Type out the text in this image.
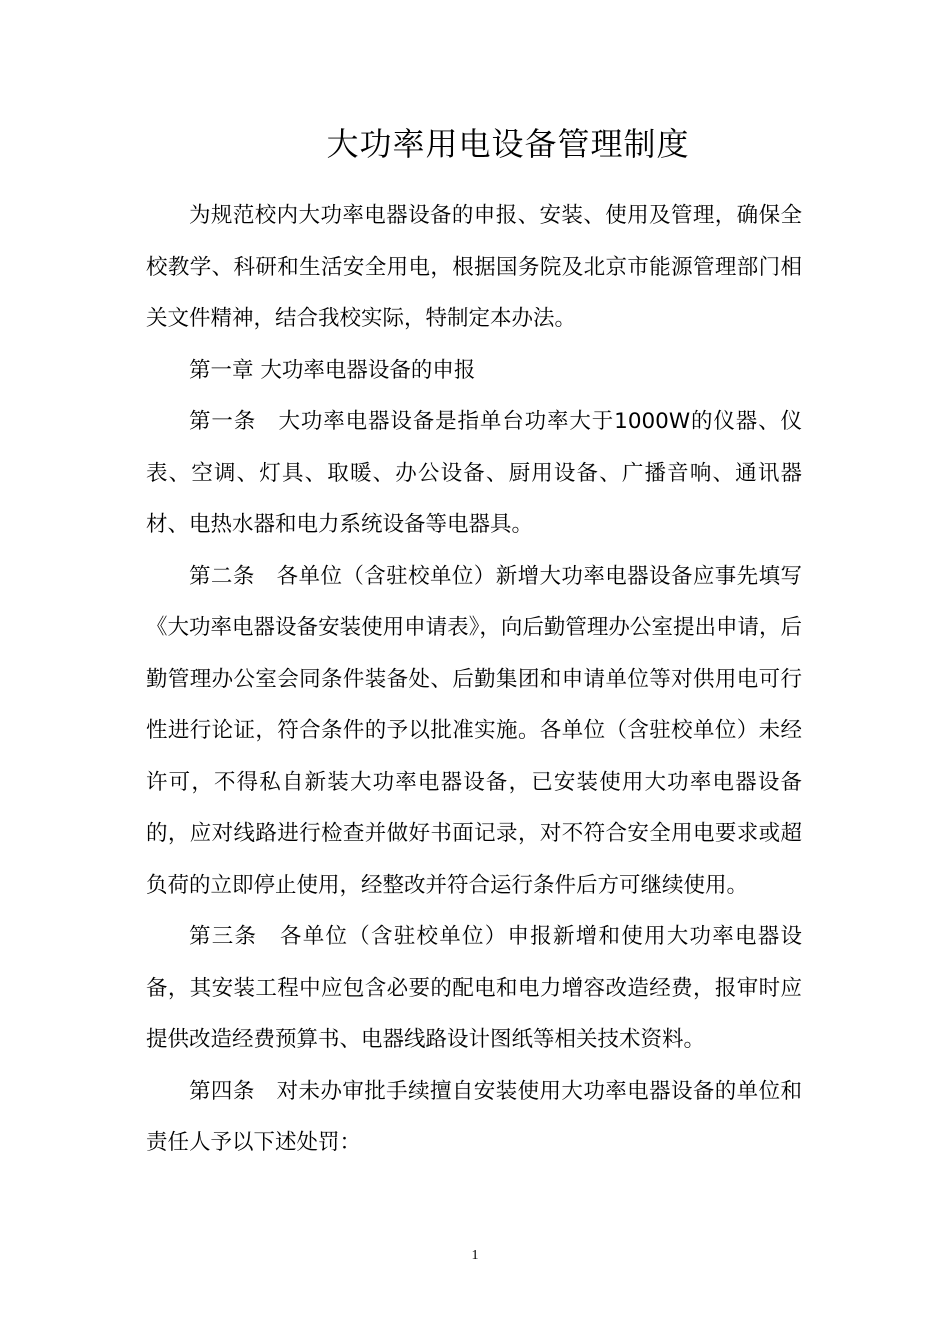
大功率用电设备管理制度

为规范校内大功率电器设备的申报、安装、使用及管理，确保全校教学、科研和生活安全用电，根据国务院及北京市能源管理部门相关文件精神，结合我校实际，特制定本办法。

第一章 大功率电器设备的申报

第一条　大功率电器设备是指单台功率大于1000W的仪器、仪表、空调、灯具、取暖、办公设备、厨用设备、广播音响、通讯器材、电热水器和电力系统设备等电器具。

第二条　各单位（含驻校单位）新增大功率电器设备应事先填写《大功率电器设备安装使用申请表》，向后勤管理办公室提出申请，后勤管理办公室会同条件装备处、后勤集团和申请单位等对供用电可行性进行论证，符合条件的予以批准实施。各单位（含驻校单位）未经许可，不得私自新装大功率电器设备，已安装使用大功率电器设备的，应对线路进行检查并做好书面记录，对不符合安全用电要求或超负荷的立即停止使用，经整改并符合运行条件后方可继续使用。

第三条　各单位（含驻校单位）申报新增和使用大功率电器设备，其安装工程中应包含必要的配电和电力增容改造经费，报审时应提供改造经费预算书、电器线路设计图纸等相关技术资料。

第四条　对未办审批手续擅自安装使用大功率电器设备的单位和责任人予以下述处罚：

1
